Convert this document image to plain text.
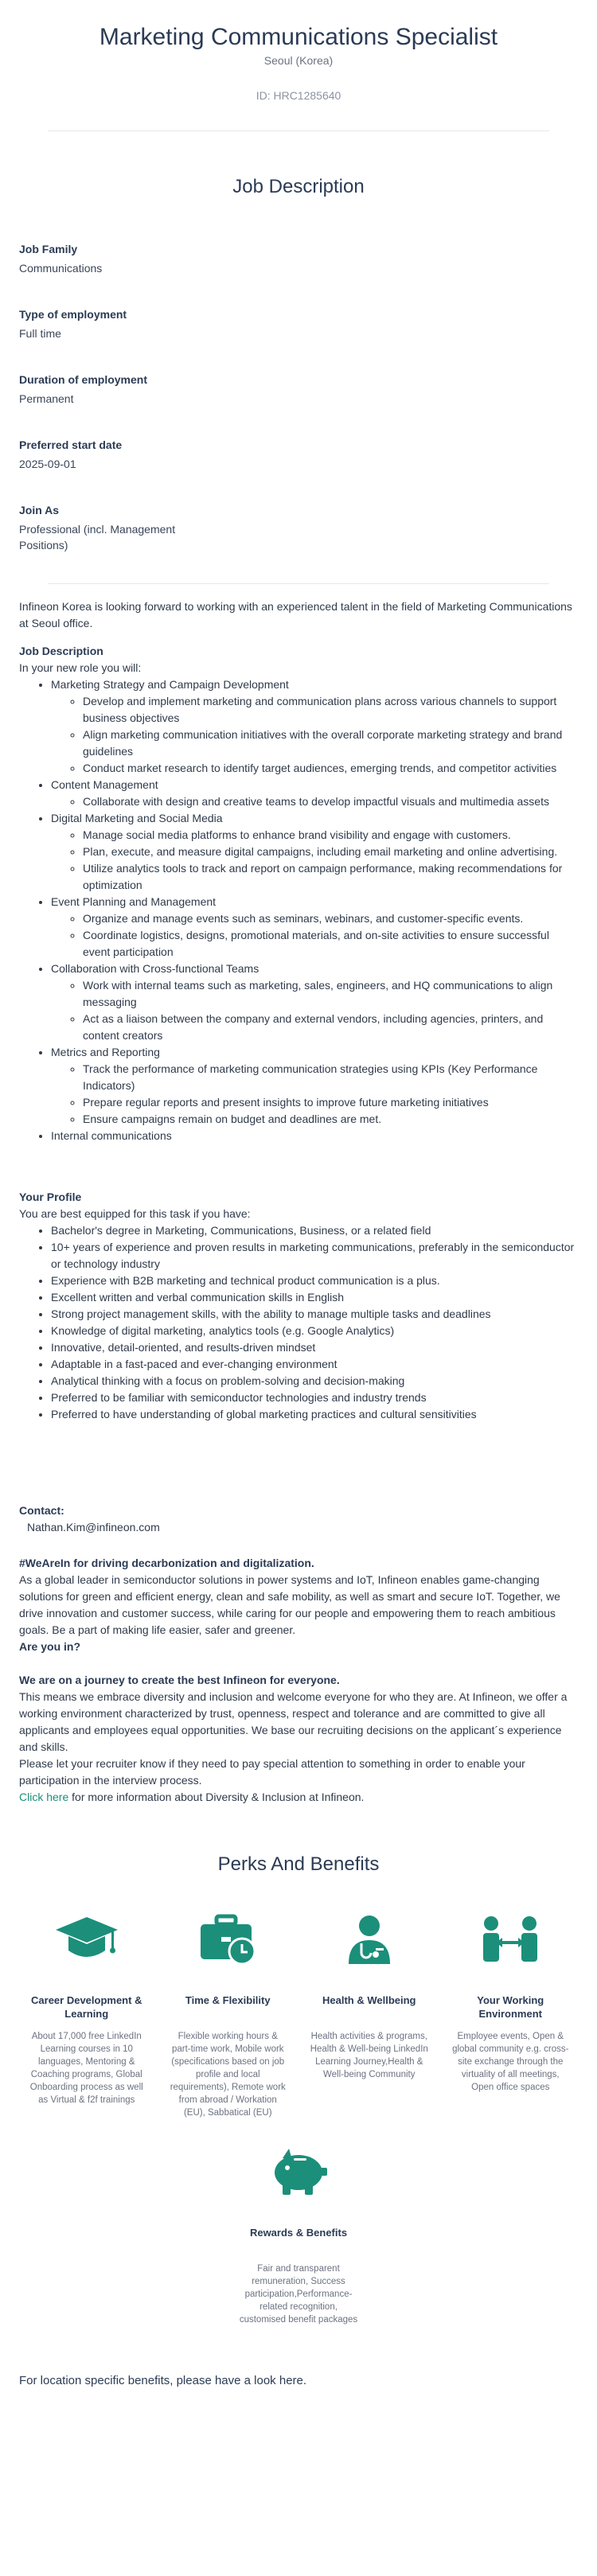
Marketing Communications Specialist
Seoul (Korea)
ID: HRC1285640
Job Description
Job Family
Communications
Type of employment
Full time
Duration of employment
Permanent
Preferred start date
2025-09-01
Join As
Professional (incl. Management Positions)

Infineon Korea is looking forward to working with an experienced talent in the field of Marketing Communications at Seoul office.

Job Description
In your new role you will:
• Marketing Strategy and Campaign Development
◦ Develop and implement marketing and communication plans across various channels to support business objectives
◦ Align marketing communication initiatives with the overall corporate marketing strategy and brand guidelines
◦ Conduct market research to identify target audiences, emerging trends, and competitor activities
• Content Management
◦ Collaborate with design and creative teams to develop impactful visuals and multimedia assets
• Digital Marketing and Social Media
◦ Manage social media platforms to enhance brand visibility and engage with customers.
◦ Plan, execute, and measure digital campaigns, including email marketing and online advertising.
◦ Utilize analytics tools to track and report on campaign performance, making recommendations for optimization
• Event Planning and Management
◦ Organize and manage events such as seminars, webinars, and customer-specific events.
◦ Coordinate logistics, designs, promotional materials, and on-site activities to ensure successful event participation
• Collaboration with Cross-functional Teams
◦ Work with internal teams such as marketing, sales, engineers, and HQ communications to align messaging
◦ Act as a liaison between the company and external vendors, including agencies, printers, and content creators
• Metrics and Reporting
◦ Track the performance of marketing communication strategies using KPIs (Key Performance Indicators)
◦ Prepare regular reports and present insights to improve future marketing initiatives
◦ Ensure campaigns remain on budget and deadlines are met.
• Internal communications
Your Profile
You are best equipped for this task if you have:
• Bachelor's degree in Marketing, Communications, Business, or a related field
• 10+ years of experience and proven results in marketing communications, preferably in the semiconductor or technology industry
• Experience with B2B marketing and technical product communication is a plus.
• Excellent written and verbal communication skills in English
• Strong project management skills, with the ability to manage multiple tasks and deadlines
• Knowledge of digital marketing, analytics tools (e.g. Google Analytics)
• Innovative, detail-oriented, and results-driven mindset
• Adaptable in a fast-paced and ever-changing environment
• Analytical thinking with a focus on problem-solving and decision-making
• Preferred to be familiar with semiconductor technologies and industry trends
• Preferred to have understanding of global marketing practices and cultural sensitivities
Contact:
Nathan.Kim@infineon.com
#WeAreIn for driving decarbonization and digitalization.
As a global leader in semiconductor solutions in power systems and IoT, Infineon enables game-changing solutions for green and efficient energy, clean and safe mobility, as well as smart and secure IoT. Together, we drive innovation and customer success, while caring for our people and empowering them to reach ambitious goals. Be a part of making life easier, safer and greener.
Are you in?
We are on a journey to create the best Infineon for everyone.
This means we embrace diversity and inclusion and welcome everyone for who they are. At Infineon, we offer a working environment characterized by trust, openness, respect and tolerance and are committed to give all applicants and employees equal opportunities. We base our recruiting decisions on the applicant´s experience and skills.
Please let your recruiter know if they need to pay special attention to something in order to enable your participation in the interview process.
Click here for more information about Diversity & Inclusion at Infineon.
Perks And Benefits
Career Development & Learning
About 17,000 free LinkedIn Learning courses in 10 languages, Mentoring & Coaching programs, Global Onboarding process as well as Virtual & f2f trainings
Time & Flexibility
Flexible working hours & part-time work, Mobile work (specifications based on job profile and local requirements), Remote work from abroad / Workation (EU), Sabbatical (EU)
Health & Wellbeing
Health activities & programs, Health & Well-being LinkedIn Learning Journey,Health & Well-being Community
Your Working Environment
Employee events, Open & global community e.g. cross-site exchange through the virtuality of all meetings, Open office spaces
Rewards & Benefits
Fair and transparent remuneration, Success participation,Performance-related recognition, customised benefit packages
For location specific benefits, please have a look here.
